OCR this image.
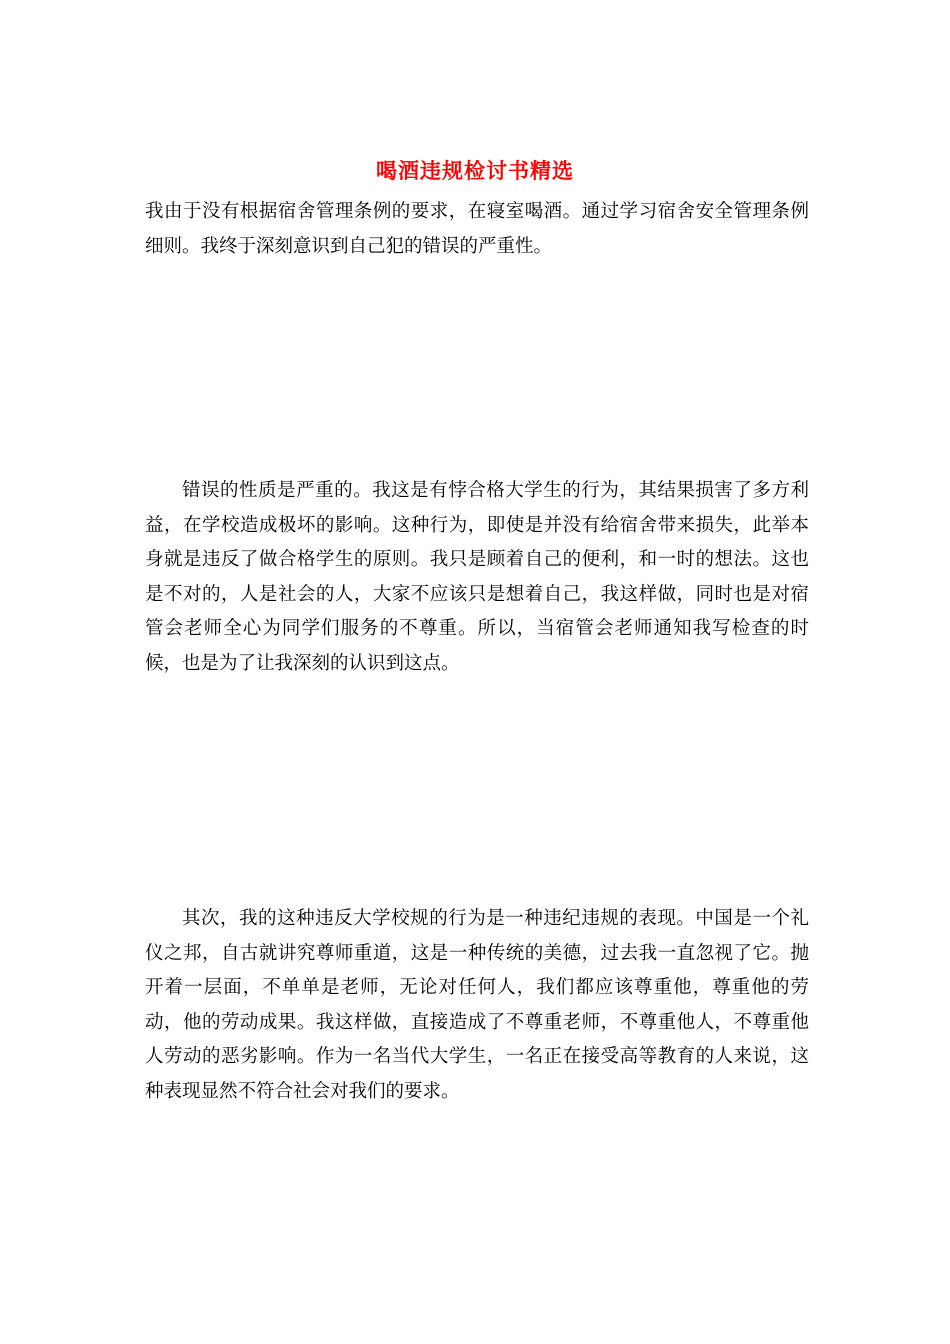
喝酒违规检讨书精选

我由于没有根据宿舍管理条例的要求，在寝室喝酒。通过学习宿舍安全管理条例细则。我终于深刻意识到自己犯的错误的严重性。

错误的性质是严重的。我这是有悖合格大学生的行为，其结果损害了多方利益，在学校造成极坏的影响。这种行为，即使是并没有给宿舍带来损失，此举本身就是违反了做合格学生的原则。我只是顾着自己的便利，和一时的想法。这也是不对的，人是社会的人，大家不应该只是想着自己，我这样做，同时也是对宿管会老师全心为同学们服务的不尊重。所以，当宿管会老师通知我写检查的时候，也是为了让我深刻的认识到这点。

其次，我的这种违反大学校规的行为是一种违纪违规的表现。中国是一个礼仪之邦，自古就讲究尊师重道，这是一种传统的美德，过去我一直忽视了它。抛开着一层面，不单单是老师，无论对任何人，我们都应该尊重他，尊重他的劳动，他的劳动成果。我这样做，直接造成了不尊重老师，不尊重他人，不尊重他人劳动的恶劣影响。作为一名当代大学生，一名正在接受高等教育的人来说，这种表现显然不符合社会对我们的要求。
